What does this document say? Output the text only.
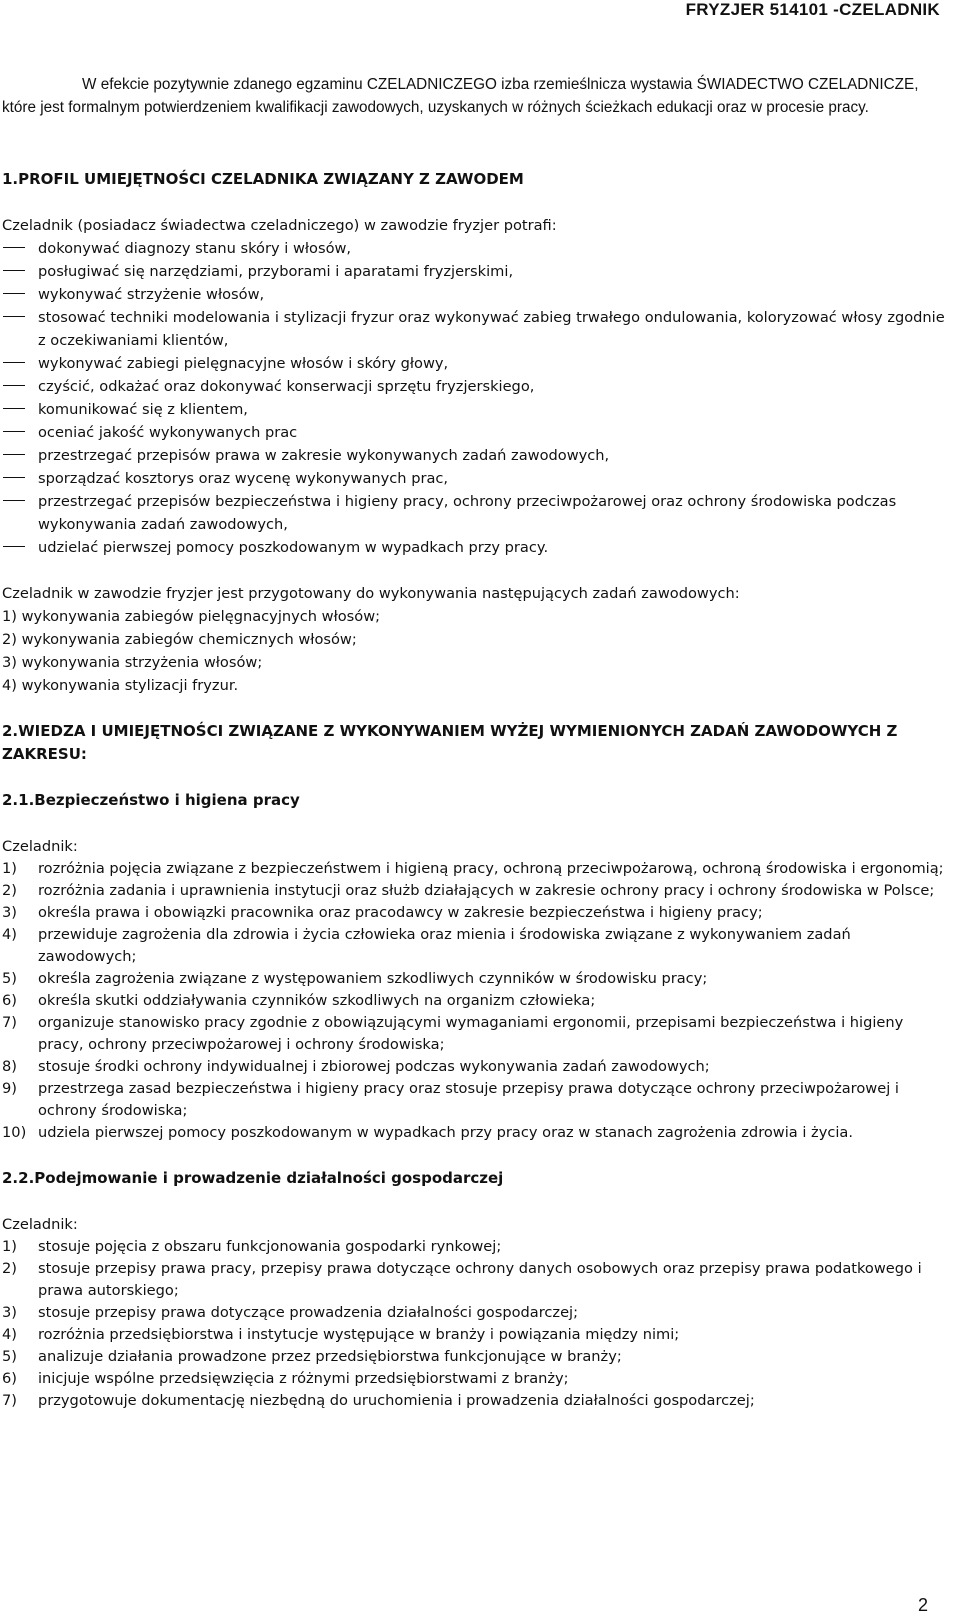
FRYZJER 514101 -CZELADNIK

W efekcie pozytywnie zdanego egzaminu CZELADNICZEGO izba rzemieślnicza wystawia ŚWIADECTWO CZELADNICZE, które jest formalnym potwierdzeniem kwalifikacji zawodowych, uzyskanych w różnych ścieżkach edukacji oraz w procesie pracy.

1.PROFIL UMIEJĘTNOŚCI CZELADNIKA ZWIĄZANY Z ZAWODEM

Czeladnik (posiadacz świadectwa czeladniczego) w zawodzie fryzjer potrafi:

dokonywać diagnozy stanu skóry i włosów,
posługiwać się narzędziami, przyborami i aparatami fryzjerskimi,
wykonywać strzyżenie włosów,
stosować techniki modelowania i stylizacji fryzur oraz wykonywać zabieg trwałego ondulowania, koloryzować włosy zgodnie z oczekiwaniami klientów,
wykonywać zabiegi pielęgnacyjne włosów i skóry głowy,
czyścić, odkażać oraz dokonywać konserwacji sprzętu fryzjerskiego,
komunikować się z klientem,
oceniać jakość wykonywanych prac
przestrzegać przepisów prawa w zakresie wykonywanych zadań zawodowych,
sporządzać kosztorys oraz wycenę wykonywanych prac,
przestrzegać przepisów bezpieczeństwa i higieny pracy, ochrony przeciwpożarowej oraz ochrony środowiska podczas wykonywania zadań zawodowych,
udzielać pierwszej pomocy poszkodowanym w wypadkach przy pracy.

Czeladnik w zawodzie fryzjer jest przygotowany do wykonywania następujących zadań zawodowych:

1) wykonywania zabiegów pielęgnacyjnych włosów;

2) wykonywania zabiegów chemicznych włosów;

3) wykonywania strzyżenia włosów;

4) wykonywania stylizacji fryzur.

2.WIEDZA I UMIEJĘTNOŚCI ZWIĄZANE Z WYKONYWANIEM WYŻEJ WYMIENIONYCH ZADAŃ ZAWODOWYCH Z ZAKRESU:

2.1.Bezpieczeństwo i higiena pracy

Czeladnik:

1) rozróżnia pojęcia związane z bezpieczeństwem i higieną pracy, ochroną przeciwpożarową, ochroną środowiska i ergonomią;
2) rozróżnia zadania i uprawnienia instytucji oraz służb działających w zakresie ochrony pracy i ochrony środowiska w Polsce;
3) określa prawa i obowiązki pracownika oraz pracodawcy w zakresie bezpieczeństwa i higieny pracy;
4) przewiduje zagrożenia dla zdrowia i życia człowieka oraz mienia i środowiska związane z wykonywaniem zadań zawodowych;
5) określa zagrożenia związane z występowaniem szkodliwych czynników w środowisku pracy;
6) określa skutki oddziaływania czynników szkodliwych na organizm człowieka;
7) organizuje stanowisko pracy zgodnie z obowiązującymi wymaganiami ergonomii, przepisami bezpieczeństwa i higieny pracy, ochrony przeciwpożarowej i ochrony środowiska;
8) stosuje środki ochrony indywidualnej i zbiorowej podczas wykonywania zadań zawodowych;
9) przestrzega zasad bezpieczeństwa i higieny pracy oraz stosuje przepisy prawa dotyczące ochrony przeciwpożarowej i ochrony środowiska;
10) udziela pierwszej pomocy poszkodowanym w wypadkach przy pracy oraz w stanach zagrożenia zdrowia i życia.

2.2.Podejmowanie i prowadzenie działalności gospodarczej

Czeladnik:

1) stosuje pojęcia z obszaru funkcjonowania gospodarki rynkowej;
2) stosuje przepisy prawa pracy, przepisy prawa dotyczące ochrony danych osobowych oraz przepisy prawa podatkowego i prawa autorskiego;
3) stosuje przepisy prawa dotyczące prowadzenia działalności gospodarczej;
4) rozróżnia przedsiębiorstwa i instytucje występujące w branży i powiązania między nimi;
5) analizuje działania prowadzone przez przedsiębiorstwa funkcjonujące w branży;
6) inicjuje wspólne przedsięwzięcia z różnymi przedsiębiorstwami z branży;
7) przygotowuje dokumentację niezbędną do uruchomienia i prowadzenia działalności gospodarczej;
2
